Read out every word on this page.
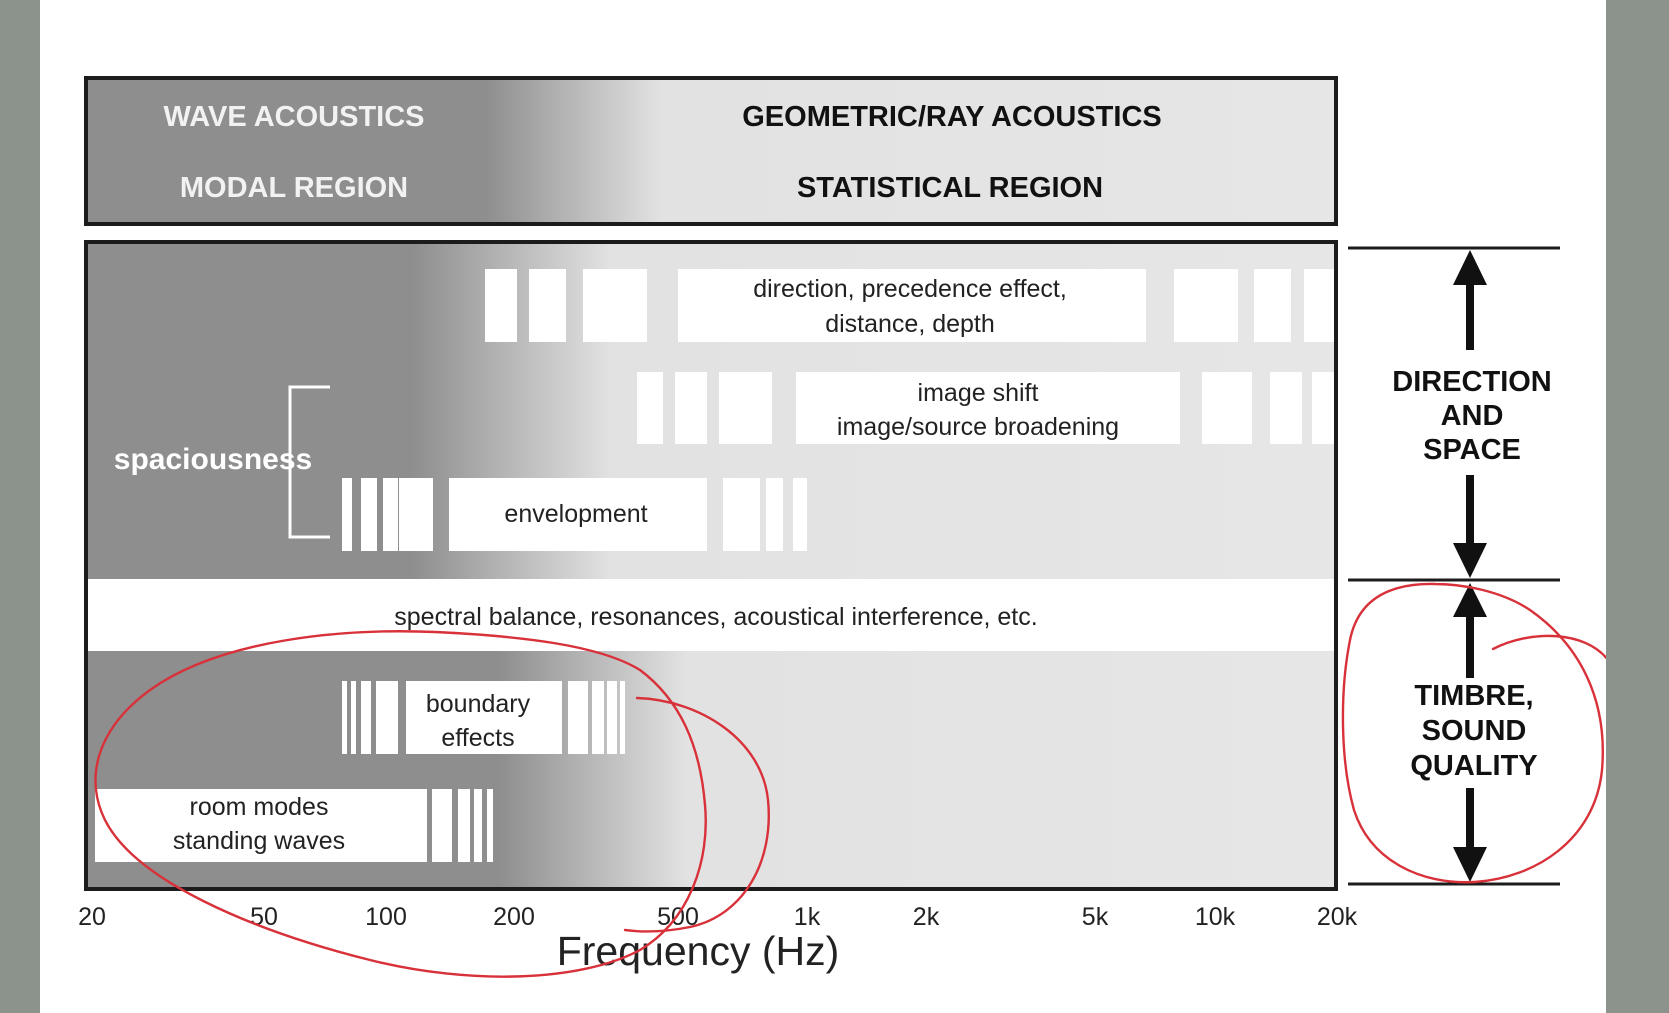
WAVE ACOUSTICS	GEOMETRIC/RAY ACOUSTICS
MODAL REGION	STATISTICAL REGION
direction, precedence effect,
distance, depth
image shift
image/source broadening
spaciousness
envelopment
spectral balance, resonances, acoustical interference, etc.
boundary
effects
room modes
standing waves
DIRECTION
AND
SPACE
TIMBRE,
SOUND
QUALITY
20	50	100	200	500	1k	2k	5k	10k	20k
Frequency (Hz)
